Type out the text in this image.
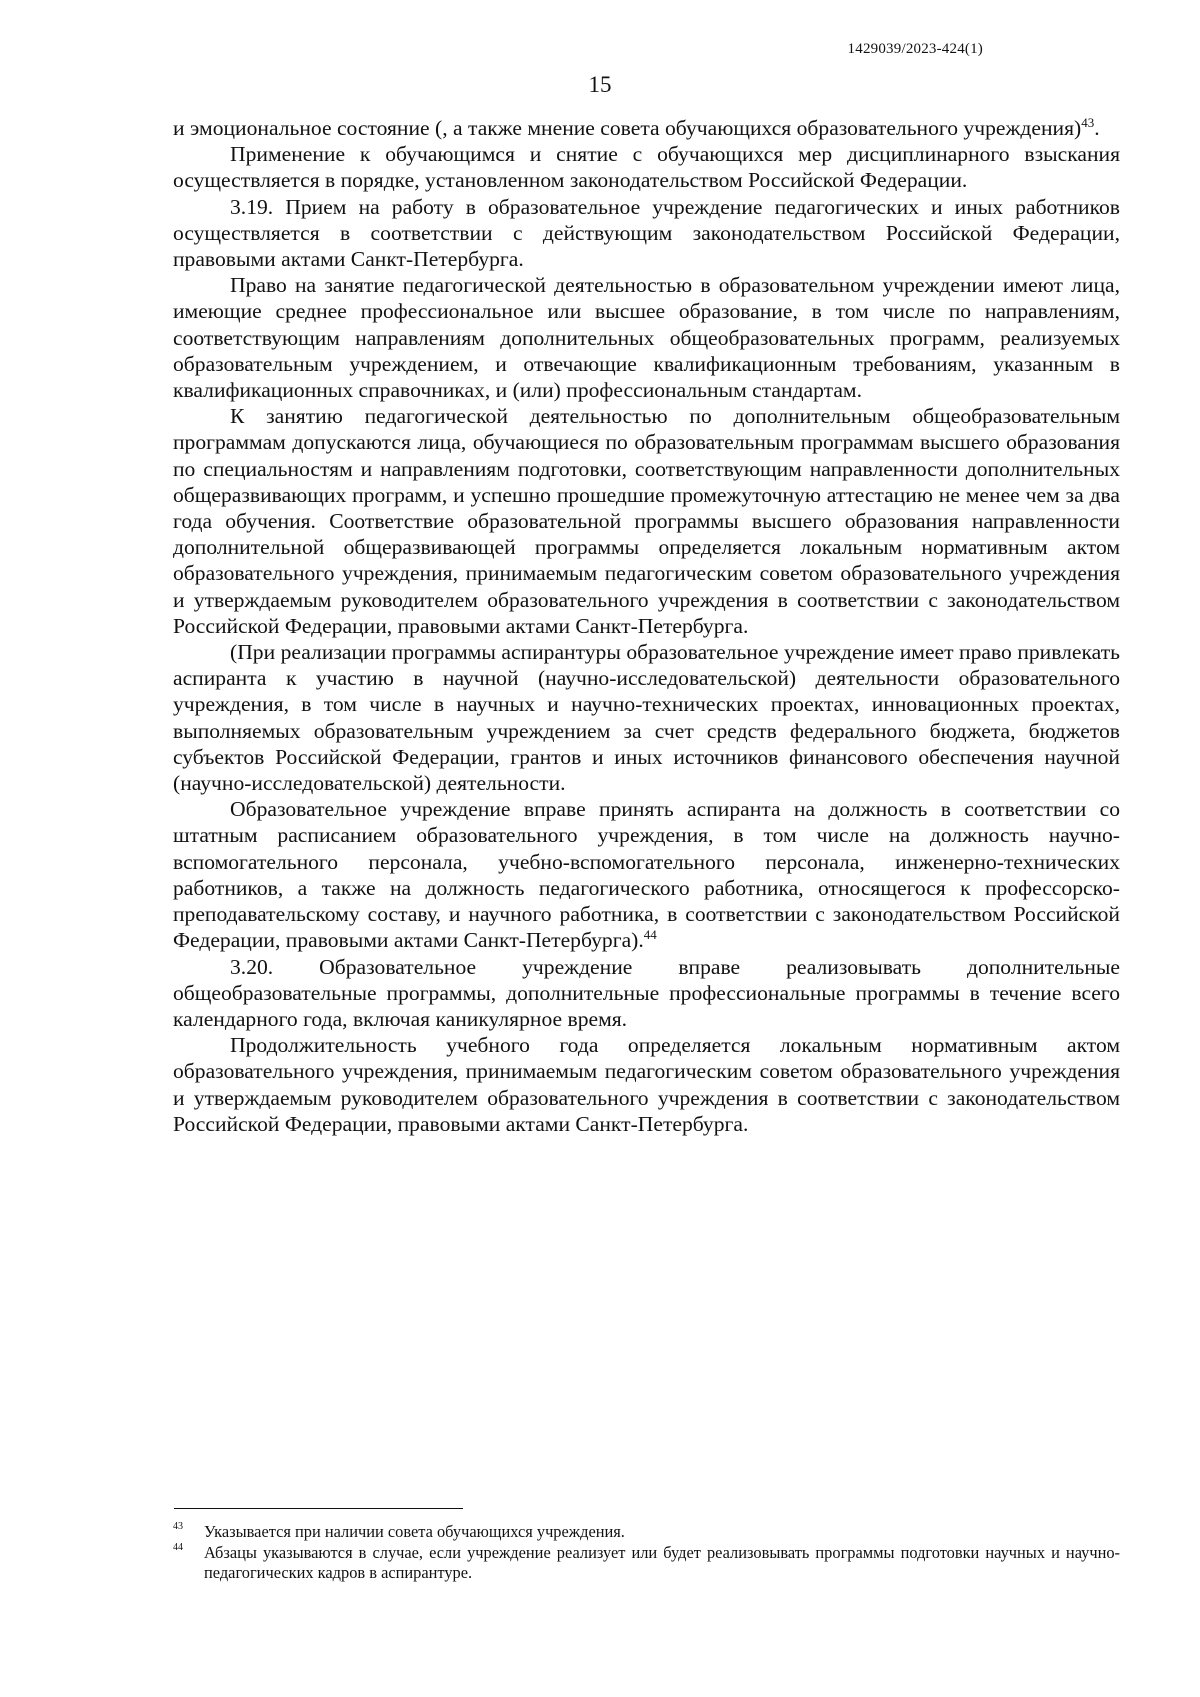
1429039/2023-424(1)
15

и эмоциональное состояние (, а также мнение совета обучающихся образовательного учреждения)$^{43}$.

Применение к обучающимся и снятие с обучающихся мер дисциплинарного взыскания осуществляется в порядке, установленном законодательством Российской Федерации.

3.19. Прием на работу в образовательное учреждение педагогических и иных работников осуществляется в соответствии с действующим законодательством Российской Федерации, правовыми актами Санкт-Петербурга.

Право на занятие педагогической деятельностью в образовательном учреждении имеют лица, имеющие среднее профессиональное или высшее образование, в том числе по направлениям, соответствующим направлениям дополнительных общеобразовательных программ, реализуемых образовательным учреждением, и отвечающие квалификационным требованиям, указанным в квалификационных справочниках, и (или) профессиональным стандартам.

К занятию педагогической деятельностью по дополнительным общеобразовательным программам допускаются лица, обучающиеся по образовательным программам высшего образования по специальностям и направлениям подготовки, соответствующим направленности дополнительных общеразвивающих программ, и успешно прошедшие промежуточную аттестацию не менее чем за два года обучения. Соответствие образовательной программы высшего образования направленности дополнительной общеразвивающей программы определяется локальным нормативным актом образовательного учреждения, принимаемым педагогическим советом образовательного учреждения и утверждаемым руководителем образовательного учреждения в соответствии с законодательством Российской Федерации, правовыми актами Санкт-Петербурга.

(При реализации программы аспирантуры образовательное учреждение имеет право привлекать аспиранта к участию в научной (научно-исследовательской) деятельности образовательного учреждения, в том числе в научных и научно-технических проектах, инновационных проектах, выполняемых образовательным учреждением за счет средств федерального бюджета, бюджетов субъектов Российской Федерации, грантов и иных источников финансового обеспечения научной (научно-исследовательской) деятельности.

Образовательное учреждение вправе принять аспиранта на должность в соответствии со штатным расписанием образовательного учреждения, в том числе на должность научно-вспомогательного персонала, учебно-вспомогательного персонала, инженерно-технических работников, а также на должность педагогического работника, относящегося к профессорско-преподавательскому составу, и научного работника, в соответствии с законодательством Российской Федерации, правовыми актами Санкт-Петербурга).$^{44}$

3.20. Образовательное учреждение вправе реализовывать дополнительные общеобразовательные программы, дополнительные профессиональные программы в течение всего календарного года, включая каникулярное время.

Продолжительность учебного года определяется локальным нормативным актом образовательного учреждения, принимаемым педагогическим советом образовательного учреждения и утверждаемым руководителем образовательного учреждения в соответствии с законодательством Российской Федерации, правовыми актами Санкт-Петербурга.

43 Указывается при наличии совета обучающихся учреждения.
44 Абзацы указываются в случае, если учреждение реализует или будет реализовывать программы подготовки научных и научно-педагогических кадров в аспирантуре.
